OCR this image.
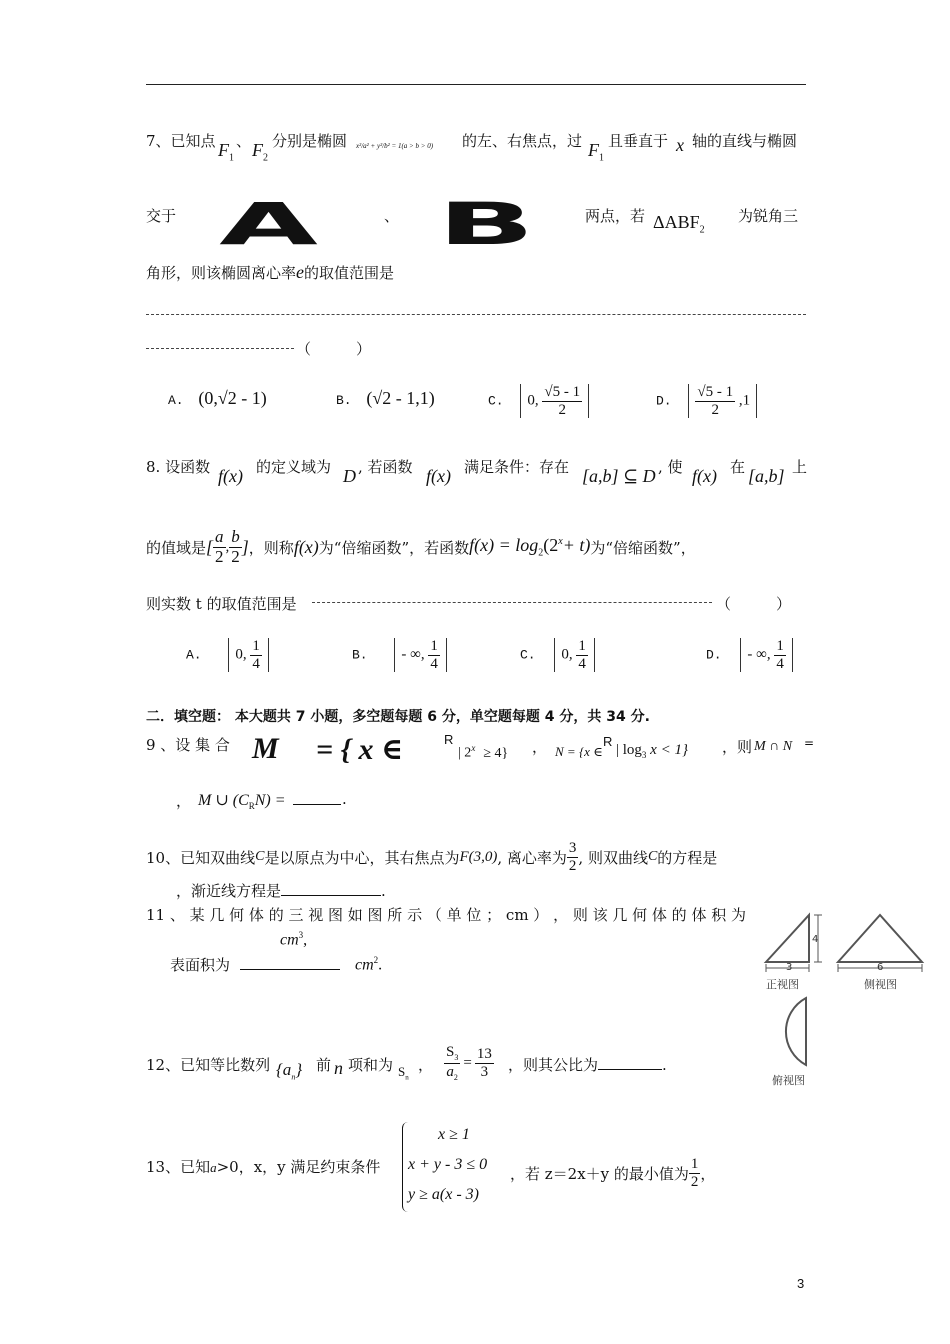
7、已知点 $F_1$
、 $F_2$
分别是椭圆 x²/a² + y²/b² = 1(a > b > 0) 的左、右焦点，过 $F_1$
且垂直于 x 轴的直线与椭圆
交于 A	、 B	两点，若 $\Delta ABF_2$
为锐角三
角形，则该椭圆离心率e的取值范围是
（　　　）
A. (0,√2 - 1)	B. (√2 - 1,1)	C. 0, $\frac{√5 - 1}{2}$	D. $\frac{√5 - 1}{2} ,1$
8. 设函数 f(x) 的定义域为 D , 若函数 f(x) 满足条件：存在 [a,b] ⊆ D , 使 f(x) 在 [a,b] 上
的值域是 [ $\frac{a}{2}$ , $\frac{b}{2}$ ] ，则称 f(x) 为“倍缩函数”，若函数 $f(x) = \log_2(2^x+ t)$ 为“倍缩函数”，
则实数 t 的取值范围是	（　　　）
A. 0, $\frac{1}{4}$	B. - ∞, $\frac{1}{4}$	C. 0, $\frac{1}{4}$	D. - ∞, $\frac{1}{4}$
二．填空题： 本大题共 7 小题，多空题每题 6 分，单空题每题 4 分，共 34 分.
9 、设 集 合 M = { x ∈	R
| $2^x \ge 4$} ， N = {x ∈
R
| $\log_3 x < 1$} ，则 M ∩ N =
， M ∪ $(C_RN)$ =	.
10、已知双曲线 C 是以原点为中心，其右焦点为 F(3,0) , 离心率为 $\frac{3}{2}$ , 则双曲线 C 的方程是
，渐近线方程是	.
11 、 某 几 何 体 的 三 视 图 如 图 所 示 （ 单 位 ； cm ） ， 则 该 几 何 体 的 体 积 为
$cm^3$,
表面积为	$cm^2$.
4
3	6
正视图	侧视图
俯视图
12、已知等比数列 $\{a_n\}$ 前 n 项和为 $S_n$
， $\frac{S_3}{a_2} = \frac{13}{3}$ ，则其公比为	.
13、已知a>0，x，y 满足约束条件
x ≥ 1
x + y - 3 ≤ 0
y ≥ a(x - 3)
，若 z＝2x＋y 的最小值为 $\frac{1}{2}$ ，
3
